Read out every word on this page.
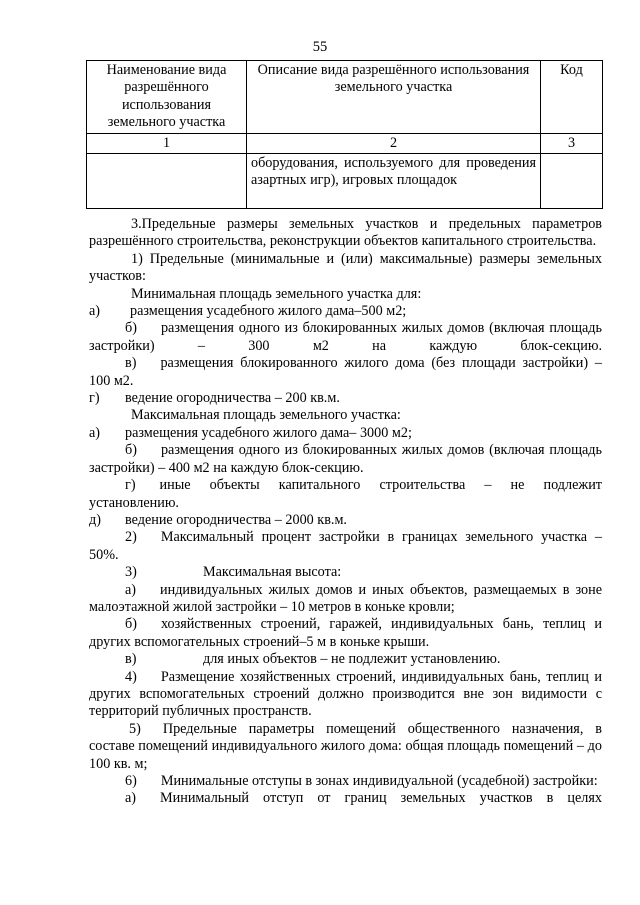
55
Наименование вида разрешённого использования земельного участка	Описание вида разрешённого использования земельного участка	Код
1	2	3
	оборудования, используемого для проведения азартных игр), игровых площадок	

3.Предельные размеры земельных участков и предельных параметров разрешённого строительства, реконструкции объектов капитального строительства.

1) Предельные (минимальные и (или) максимальные) размеры земельных участков:

Минимальная площадь земельного участка для:

а)	размещения усадебного жилого дама–500 м2;

б) размещения одного из блокированных жилых домов (включая площадь застройки) – 300 м2 на каждую блок-секцию.

в) размещения блокированного жилого дома (без площади застройки) – 100 м2.

г)	ведение огородничества – 200 кв.м.

Максимальная площадь земельного участка:

а)	размещения усадебного жилого дама– 3000 м2;

б) размещения одного из блокированных жилых домов (включая площадь застройки) – 400 м2 на каждую блок-секцию.

г) иные объекты капитального строительства – не подлежит установлению.

д)	ведение огородничества – 2000 кв.м.

2) Максимальный процент застройки в границах земельного участка – 50%.

3)	Максимальная высота:

а) индивидуальных жилых домов и иных объектов, размещаемых в зоне малоэтажной жилой застройки – 10 метров в коньке кровли;

б) хозяйственных строений, гаражей, индивидуальных бань, теплиц и других вспомогательных строений–5 м в коньке крыши.

в)	для иных объектов – не подлежит установлению.

4) Размещение хозяйственных строений, индивидуальных бань, теплиц и других вспомогательных строений должно производится вне зон видимости с территорий публичных пространств.

5) Предельные параметры помещений общественного назначения, в составе помещений индивидуального жилого дома: общая площадь помещений – до 100 кв. м;

6) Минимальные отступы в зонах индивидуальной (усадебной) застройки:

а) Минимальный отступ от границ земельных участков в целях
